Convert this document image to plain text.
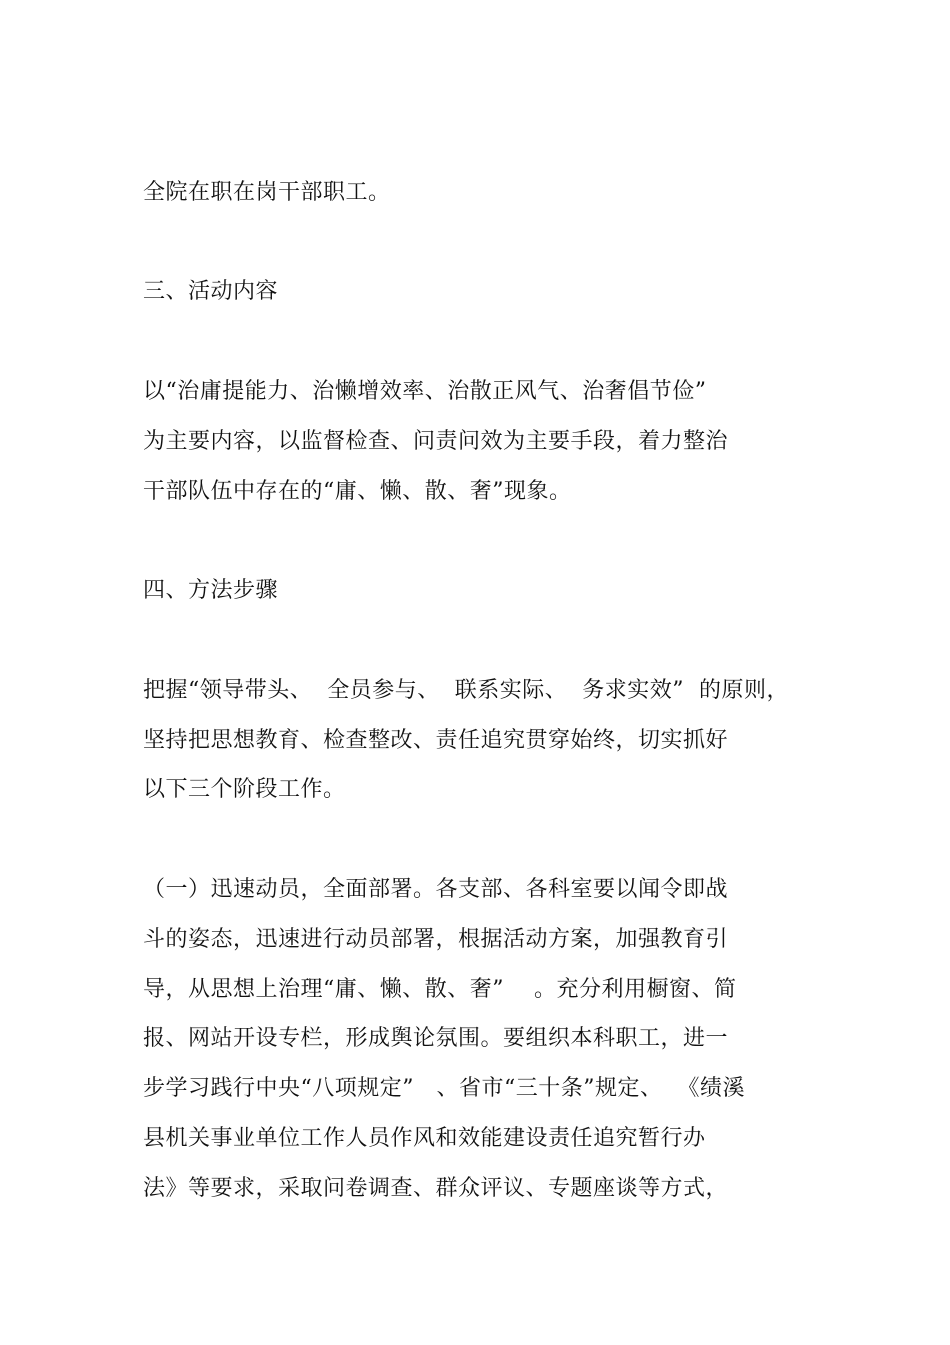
全院在职在岗干部职工。
三、活动内容
以“治庸提能力、治懒增效率、治散正风气、治奢倡节俭”
为主要内容，以监督检查、问责问效为主要手段，着力整治
干部队伍中存在的“庸、懒、散、奢”现象。
四、方法步骤
把握“领导带头、  全员参与、  联系实际、  务求实效”  的原则，
坚持把思想教育、检查整改、责任追究贯穿始终，切实抓好
以下三个阶段工作。
（一）迅速动员，全面部署。各支部、各科室要以闻令即战
斗的姿态，迅速进行动员部署，根据活动方案，加强教育引
导，从思想上治理“庸、懒、散、奢”    。充分利用橱窗、简
报、网站开设专栏，形成舆论氛围。要组织本科职工，进一
步学习践行中央“八项规定”   、省市“三十条”规定、  《绩溪
县机关事业单位工作人员作风和效能建设责任追究暂行办
法》等要求，采取问卷调查、群众评议、专题座谈等方式，
